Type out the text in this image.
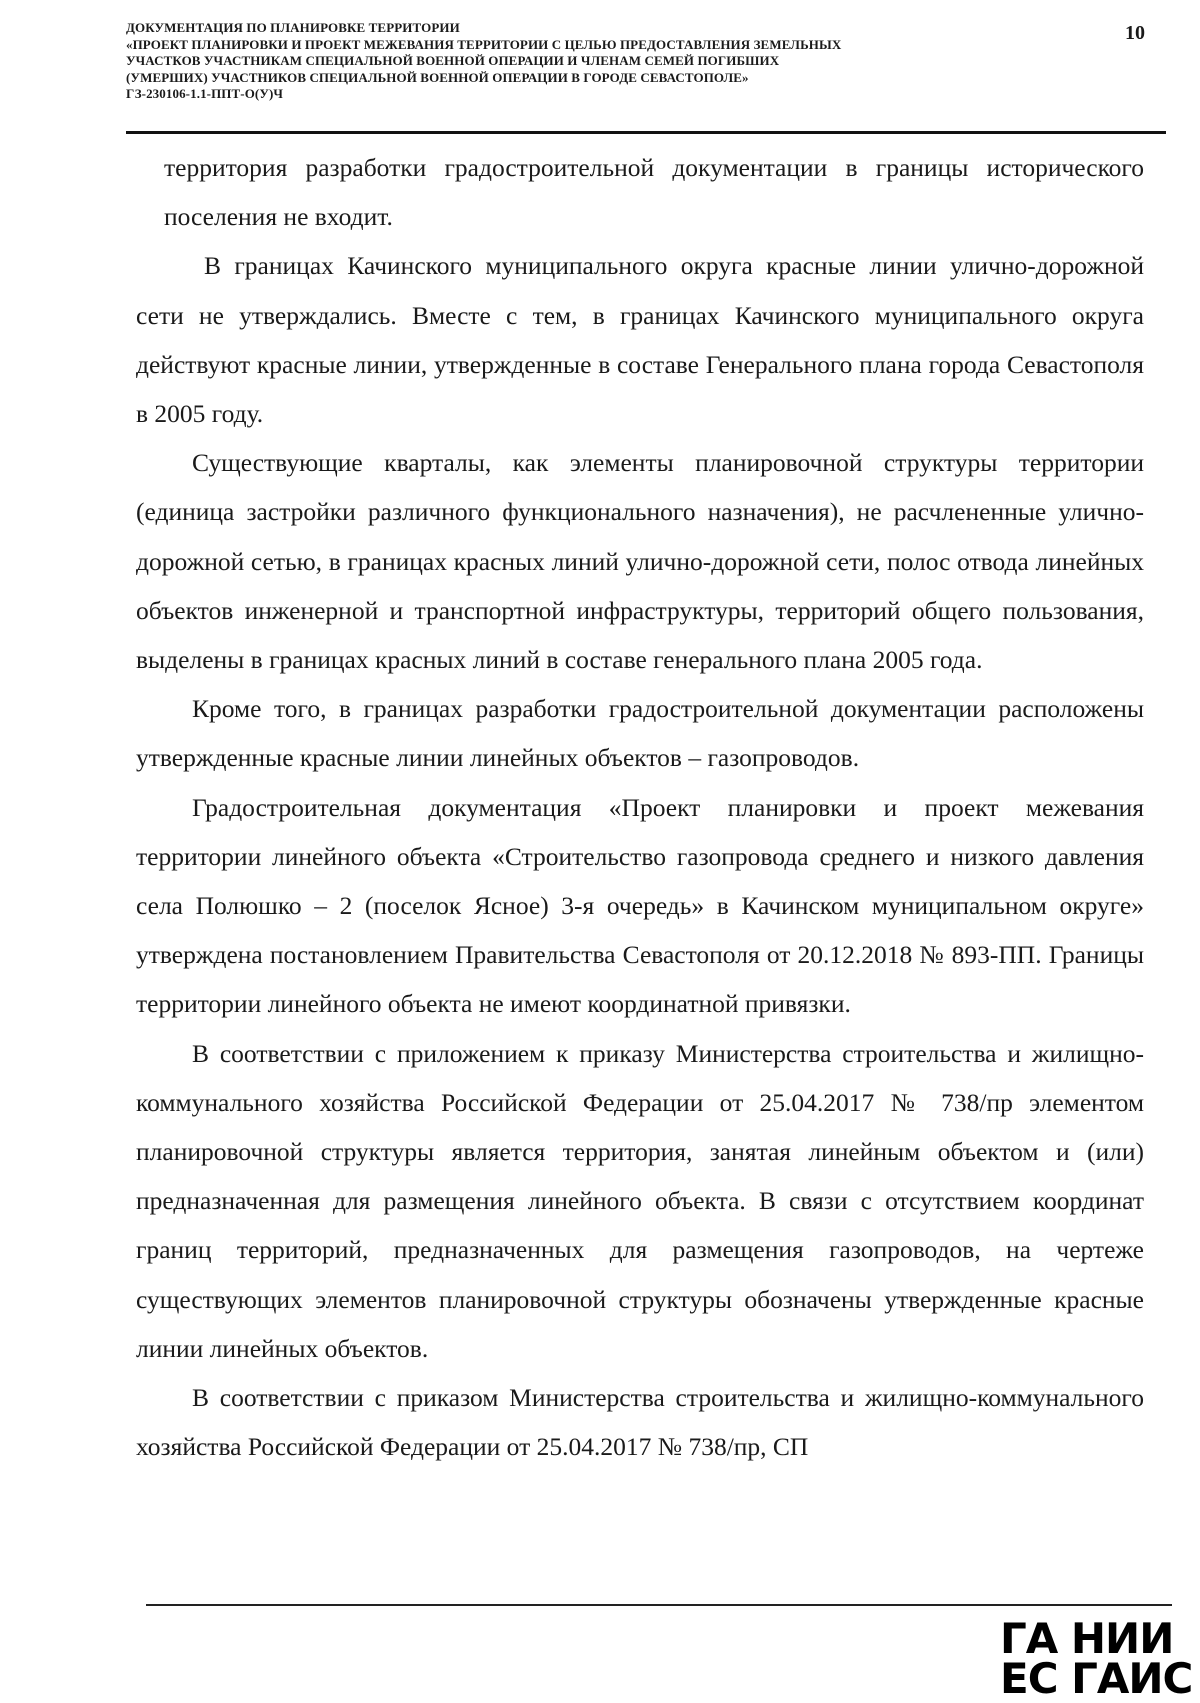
ДОКУМЕНТАЦИЯ ПО ПЛАНИРОВКЕ ТЕРРИТОРИИ
«ПРОЕКТ ПЛАНИРОВКИ И ПРОЕКТ МЕЖЕВАНИЯ ТЕРРИТОРИИ С ЦЕЛЬЮ ПРЕДОСТАВЛЕНИЯ ЗЕМЕЛЬНЫХ
УЧАСТКОВ УЧАСТНИКАМ СПЕЦИАЛЬНОЙ ВОЕННОЙ ОПЕРАЦИИ И ЧЛЕНАМ СЕМЕЙ ПОГИБШИХ
(УМЕРШИХ) УЧАСТНИКОВ СПЕЦИАЛЬНОЙ ВОЕННОЙ ОПЕРАЦИИ В ГОРОДЕ СЕВАСТОПОЛЕ»
ГЗ-230106-1.1-ППТ-О(У)Ч
10

территория разработки градостроительной документации в границы исторического поселения не входит.

В границах Качинского муниципального округа красные линии улично-дорожной сети не утверждались. Вместе с тем, в границах Качинского муниципального округа действуют красные линии, утвержденные в составе Генерального плана города Севастополя в 2005 году.

Существующие кварталы, как элементы планировочной структуры территории (единица застройки различного функционального назначения), не расчлененные улично-дорожной сетью, в границах красных линий улично-дорожной сети, полос отвода линейных объектов инженерной и транспортной инфраструктуры, территорий общего пользования, выделены в границах красных линий в составе генерального плана 2005 года.

Кроме того, в границах разработки градостроительной документации расположены утвержденные красные линии линейных объектов – газопроводов.

Градостроительная документация «Проект планировки и проект межевания территории линейного объекта «Строительство газопровода среднего и низкого давления села Полюшко – 2 (поселок Ясное) 3-я очередь» в Качинском муниципальном округе» утверждена постановлением Правительства Севастополя от 20.12.2018 № 893-ПП. Границы территории линейного объекта не имеют координатной привязки.

В соответствии с приложением к приказу Министерства строительства и жилищно-коммунального хозяйства Российской Федерации от 25.04.2017 № 738/пр элементом планировочной структуры является территория, занятая линейным объектом и (или) предназначенная для размещения линейного объекта. В связи с отсутствием координат границ территорий, предназначенных для размещения газопроводов, на чертеже существующих элементов планировочной структуры обозначены утвержденные красные линии линейных объектов.

В соответствии с приказом Министерства строительства и жилищно-коммунального хозяйства Российской Федерации от 25.04.2017 № 738/пр, СП

ГА НИИ
ЕС ГАИС
